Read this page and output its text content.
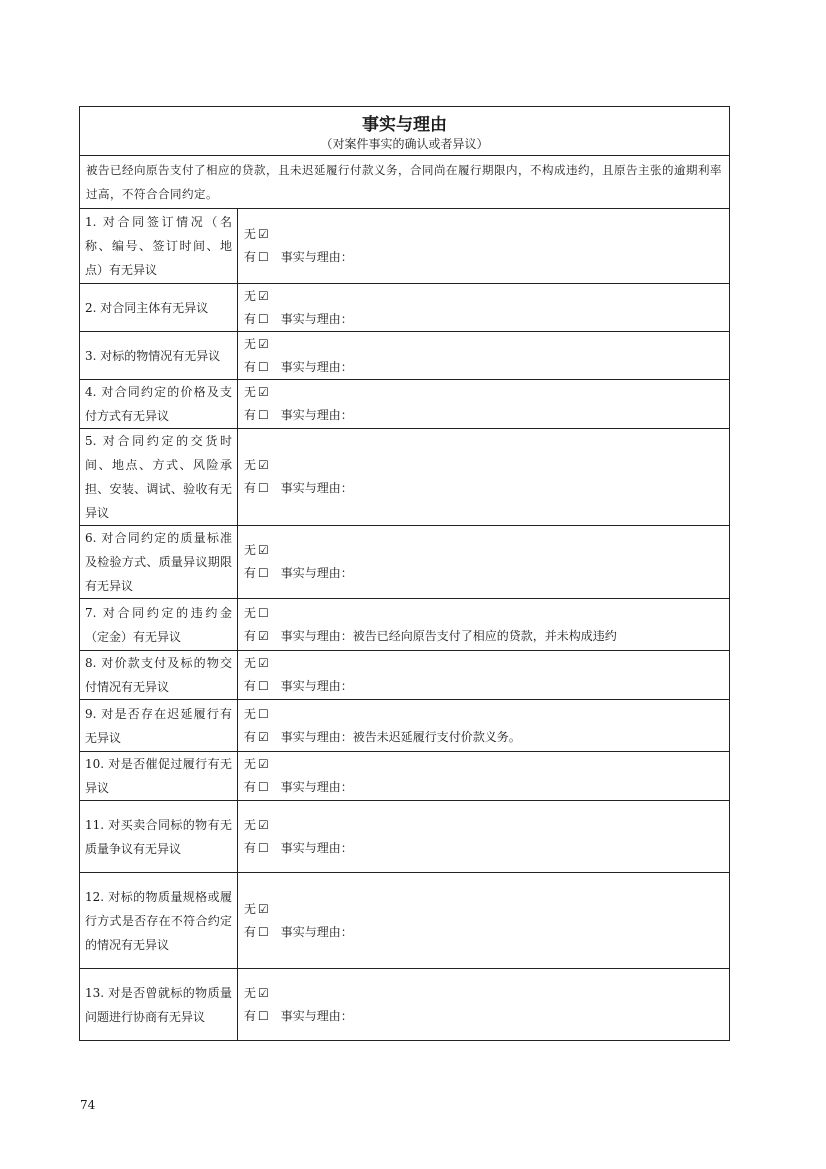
事实与理由
（对案件事实的确认或者异议）	

被告已经向原告支付了相应的贷款，且未迟延履行付款义务，合同尚在履行期限内，不构成违约，且原告主张的逾期利率过高，不符合合同约定。	
1. 对合同签订情况（名称、编号、签订时间、地点）有无异议	无 ☑
有 ☐ 事实与理由：

2. 对合同主体有无异议	无 ☑
有 ☐ 事实与理由：

3. 对标的物情况有无异议	无 ☑
有 ☐ 事实与理由：

4. 对合同约定的价格及支付方式有无异议	无 ☑
有 ☐ 事实与理由：

5. 对合同约定的交货时间、地点、方式、风险承担、安装、调试、验收有无异议	无 ☑
有 ☐ 事实与理由：

6. 对合同约定的质量标准及检验方式、质量异议期限有无异议	无 ☑
有 ☐ 事实与理由：

7. 对合同约定的违约金（定金）有无异议	无 ☐
有 ☑ 事实与理由：被告已经向原告支付了相应的贷款，并未构成违约

8. 对价款支付及标的物交付情况有无异议	无 ☑
有 ☐ 事实与理由：

9. 对是否存在迟延履行有无异议	无 ☐
有 ☑ 事实与理由：被告未迟延履行支付价款义务。

10. 对是否催促过履行有无异议	无 ☑
有 ☐ 事实与理由：

11. 对买卖合同标的物有无质量争议有无异议	无 ☑
有 ☐ 事实与理由：

12. 对标的物质量规格或履行方式是否存在不符合约定的情况有无异议	无 ☑
有 ☐ 事实与理由：

13. 对是否曾就标的物质量问题进行协商有无异议	无 ☑
有 ☐ 事实与理由：
74
